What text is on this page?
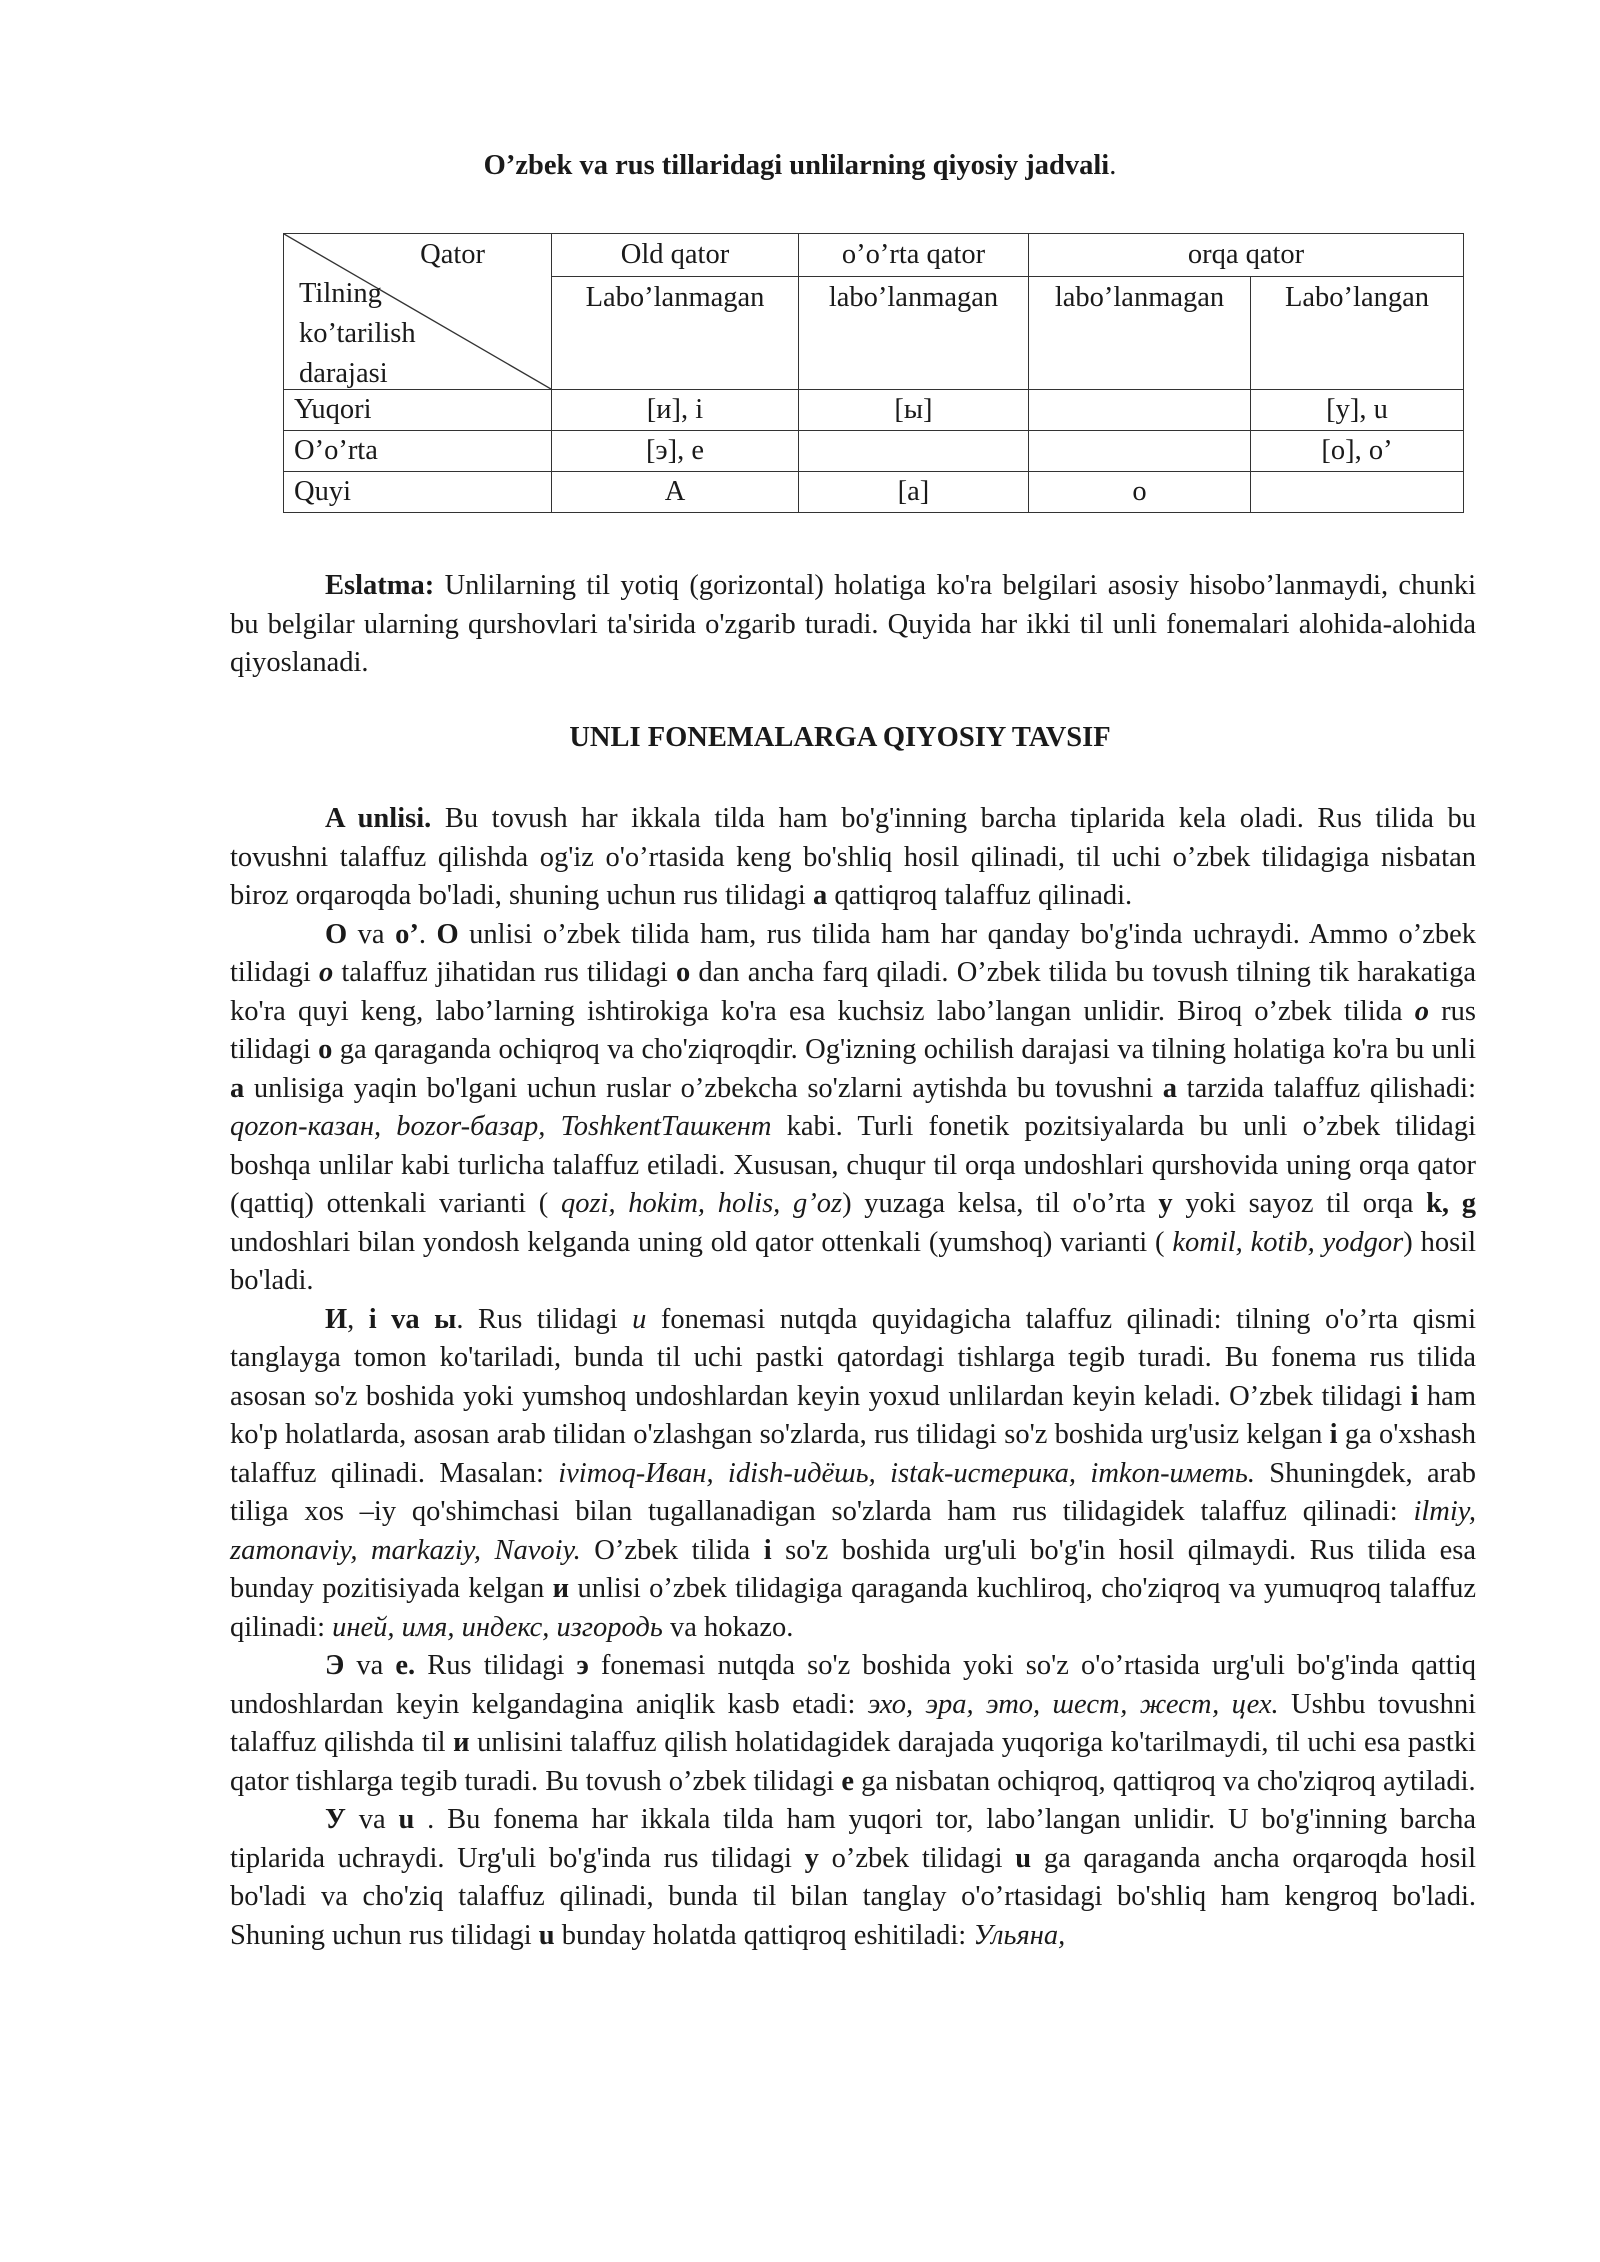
O’zbek va rus tillaridagi unlilarning qiyosiy jadvali.
Qator
Tilning
ko’tarilish
darajasi	Old qator	o’o’rta qator	orqa qator	
	Labo’lanmagan	labo’lanmagan	labo’lanmagan	Labo’langan
Yuqori	[и], i	[ы]		[у], u
O’o’rta	[э], e			[о], o’
Quyi	А	[а]	o	

Eslatma: Unlilarning til yotiq (gorizontal) holatiga ko'ra belgilari asosiy hisobo’lanmaydi, chunki bu belgilar ularning qurshovlari ta'sirida o'zgarib turadi. Quyida har ikki til unli fonemalari alohida-alohida qiyoslanadi.

UNLI FONEMALARGA QIYOSIY TAVSIF

A unlisi. Bu tovush har ikkala tilda ham bo'g'inning barcha tiplarida kela oladi. Rus tilida bu tovushni talaffuz qilishda og'iz o'o’rtasida keng bo'shliq hosil qilinadi, til uchi o’zbek tilidagiga nisbatan biroz orqaroqda bo'ladi, shuning uchun rus tilidagi a qattiqroq talaffuz qilinadi.

O va o’. O unlisi o’zbek tilida ham, rus tilida ham har qanday bo'g'inda uchraydi. Ammo o’zbek tilidagi o talaffuz jihatidan rus tilidagi o dan ancha farq qiladi. O’zbek tilida bu tovush tilning tik harakatiga ko'ra quyi keng, labo’larning ishtirokiga ko'ra esa kuchsiz labo’langan unlidir. Biroq o’zbek tilida o rus tilidagi o ga qaraganda ochiqroq va cho'ziqroqdir. Og'izning ochilish darajasi va tilning holatiga ko'ra bu unli a unlisiga yaqin bo'lgani uchun ruslar o’zbekcha so'zlarni aytishda bu tovushni a tarzida talaffuz qilishadi: qozon-казан, bozor-базар, ToshkentТашкент kabi. Turli fonetik pozitsiyalarda bu unli o’zbek tilidagi boshqa unlilar kabi turlicha talaffuz etiladi. Xususan, chuqur til orqa undoshlari qurshovida uning orqa qator (qattiq) ottenkali varianti ( qozi, hokim, holis, g’oz) yuzaga kelsa, til o'o’rta y yoki sayoz til orqa k, g undoshlari bilan yondosh kelganda uning old qator ottenkali (yumshoq) varianti ( komil, kotib, yodgor) hosil bo'ladi.

И, i va ы. Rus tilidagi и fonemasi nutqda quyidagicha talaffuz qilinadi: tilning o'o’rta qismi tanglayga tomon ko'tariladi, bunda til uchi pastki qatordagi tishlarga tegib turadi. Bu fonema rus tilida asosan so'z boshida yoki yumshoq undoshlardan keyin yoxud unlilardan keyin keladi. O’zbek tilidagi i ham ko'p holatlarda, asosan arab tilidan o'zlashgan so'zlarda, rus tilidagi so'z boshida urg'usiz kelgan i ga o'xshash talaffuz qilinadi. Masalan: ivimoq-Иван, idish-идёшь, istak-истерика, imkon-иметь. Shuningdek, arab tiliga xos –iy qo'shimchasi bilan tugallanadigan so'zlarda ham rus tilidagidek talaffuz qilinadi: ilmiy, zamonaviy, markaziy, Navoiy. O’zbek tilida i so'z boshida urg'uli bo'g'in hosil qilmaydi. Rus tilida esa bunday pozitisiyada kelgan и unlisi o’zbek tilidagiga qaraganda kuchliroq, cho'ziqroq va yumuqroq talaffuz qilinadi: иней, имя, индекс, изгородь va hokazo.

Э va e. Rus tilidagi э fonemasi nutqda so'z boshida yoki so'z o'o’rtasida urg'uli bo'g'inda qattiq undoshlardan keyin kelgandagina aniqlik kasb etadi: эхо, эра, это, шест, жест, цех. Ushbu tovushni talaffuz qilishda til и unlisini talaffuz qilish holatidagidek darajada yuqoriga ko'tarilmaydi, til uchi esa pastki qator tishlarga tegib turadi. Bu tovush o’zbek tilidagi e ga nisbatan ochiqroq, qattiqroq va cho'ziqroq aytiladi.

У va u . Bu fonema har ikkala tilda ham yuqori tor, labo’langan unlidir. U bo'g'inning barcha tiplarida uchraydi. Urg'uli bo'g'inda rus tilidagi y o’zbek tilidagi u ga qaraganda ancha orqaroqda hosil bo'ladi va cho'ziq talaffuz qilinadi, bunda til bilan tanglay o'o’rtasidagi bo'shliq ham kengroq bo'ladi. Shuning uchun rus tilidagi u bunday holatda qattiqroq eshitiladi: Ульяна,
